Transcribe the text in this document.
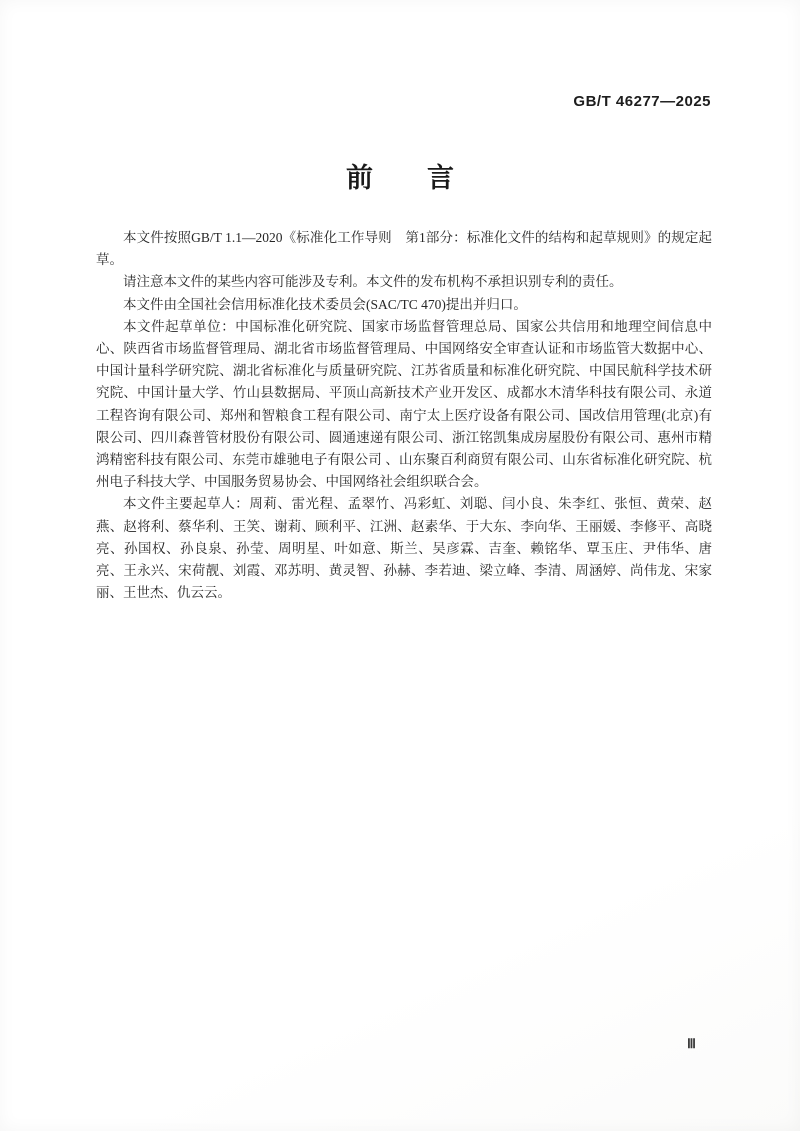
GB/T 46277—2025
前　　言

本文件按照GB/T 1.1—2020《标准化工作导则　第1部分：标准化文件的结构和起草规则》的规定起草。

请注意本文件的某些内容可能涉及专利。本文件的发布机构不承担识别专利的责任。

本文件由全国社会信用标准化技术委员会(SAC/TC 470)提出并归口。

本文件起草单位：中国标准化研究院、国家市场监督管理总局、国家公共信用和地理空间信息中心、陕西省市场监督管理局、湖北省市场监督管理局、中国网络安全审查认证和市场监管大数据中心、中国计量科学研究院、湖北省标准化与质量研究院、江苏省质量和标准化研究院、中国民航科学技术研究院、中国计量大学、竹山县数据局、平顶山高新技术产业开发区、成都水木清华科技有限公司、永道工程咨询有限公司、郑州和智粮食工程有限公司、南宁太上医疗设备有限公司、国改信用管理(北京)有限公司、四川森普管材股份有限公司、圆通速递有限公司、浙江铭凯集成房屋股份有限公司、惠州市精鸿精密科技有限公司、东莞市雄驰电子有限公司 、山东聚百利商贸有限公司、山东省标准化研究院、杭州电子科技大学、中国服务贸易协会、中国网络社会组织联合会。

本文件主要起草人：周莉、雷光程、孟翠竹、冯彩虹、刘聪、闫小良、朱李红、张恒、黄荣、赵燕、赵将利、蔡华利、王笑、谢莉、顾利平、江洲、赵素华、于大东、李向华、王丽媛、李修平、高晓亮、孙国权、孙良泉、孙莹、周明星、叶如意、斯兰、吴彦霖、吉奎、赖铭华、覃玉庄、尹伟华、唐亮、王永兴、宋荷靓、刘霞、邓苏明、黄灵智、孙赫、李若迪、梁立峰、李清、周涵婷、尚伟龙、宋家丽、王世杰、仇云云。

Ⅲ
